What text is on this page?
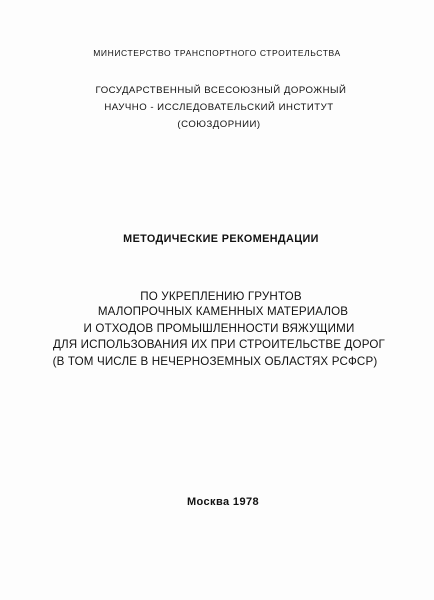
МИНИСТЕРСТВО ТРАНСПОРТНОГО СТРОИТЕЛЬСТВА
ГОСУДАРСТВЕННЫЙ ВСЕСОЮЗНЫЙ ДОРОЖНЫЙ
НАУЧНО - ИССЛЕДОВАТЕЛЬСКИЙ ИНСТИТУТ
(СОЮЗДОРНИИ)
МЕТОДИЧЕСКИЕ РЕКОМЕНДАЦИИ
ПО УКРЕПЛЕНИЮ ГРУНТОВ
МАЛОПРОЧНЫХ КАМЕННЫХ МАТЕРИАЛОВ
И ОТХОДОВ ПРОМЫШЛЕННОСТИ ВЯЖУЩИМИ
ДЛЯ ИСПОЛЬЗОВАНИЯ ИХ ПРИ СТРОИТЕЛЬСТВЕ ДОРОГ
(В ТОМ ЧИСЛЕ В НЕЧЕРНОЗЕМНЫХ ОБЛАСТЯХ РСФСР)
Москва 1978
